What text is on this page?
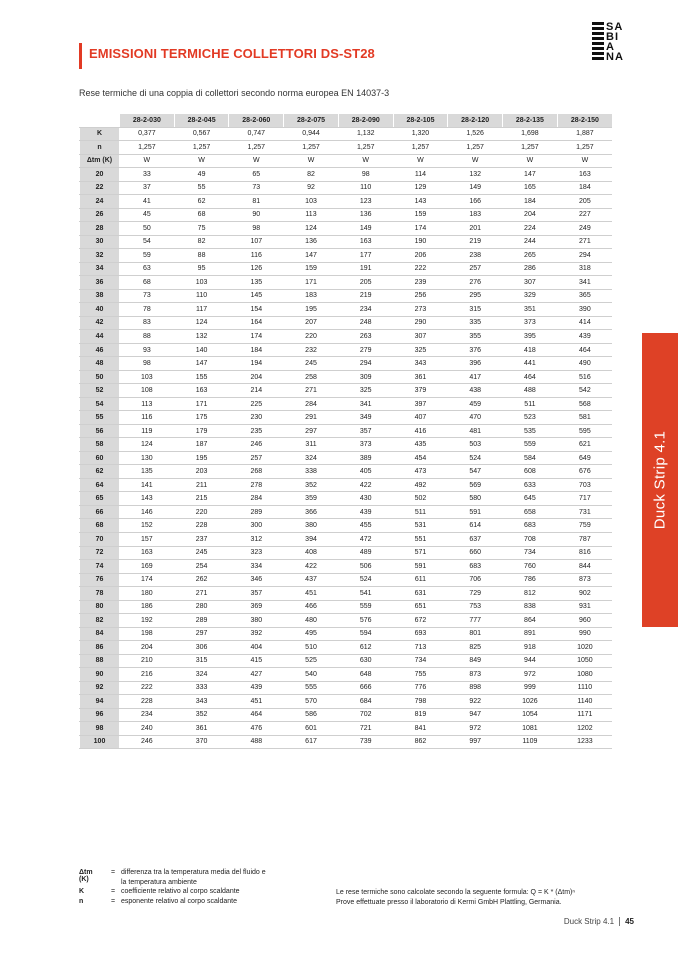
EMISSIONI TERMICHE COLLETTORI DS-ST28
SA
BI
A
NA
Rese termiche di una coppia di collettori secondo norma europea EN 14037-3
Duck Strip 4.1
	28-2-030	28-2-045	28-2-060	28-2-075	28-2-090	28-2-105	28-2-120	28-2-135	28-2-150
K	0,377	0,567	0,747	0,944	1,132	1,320	1,526	1,698	1,887
n	1,257	1,257	1,257	1,257	1,257	1,257	1,257	1,257	1,257
Δtm (K)	W	W	W	W	W	W	W	W	W
20	33	49	65	82	98	114	132	147	163
22	37	55	73	92	110	129	149	165	184
24	41	62	81	103	123	143	166	184	205
26	45	68	90	113	136	159	183	204	227
28	50	75	98	124	149	174	201	224	249
30	54	82	107	136	163	190	219	244	271
32	59	88	116	147	177	206	238	265	294
34	63	95	126	159	191	222	257	286	318
36	68	103	135	171	205	239	276	307	341
38	73	110	145	183	219	256	295	329	365
40	78	117	154	195	234	273	315	351	390
42	83	124	164	207	248	290	335	373	414
44	88	132	174	220	263	307	355	395	439
46	93	140	184	232	279	325	376	418	464
48	98	147	194	245	294	343	396	441	490
50	103	155	204	258	309	361	417	464	516
52	108	163	214	271	325	379	438	488	542
54	113	171	225	284	341	397	459	511	568
55	116	175	230	291	349	407	470	523	581
56	119	179	235	297	357	416	481	535	595
58	124	187	246	311	373	435	503	559	621
60	130	195	257	324	389	454	524	584	649
62	135	203	268	338	405	473	547	608	676
64	141	211	278	352	422	492	569	633	703
65	143	215	284	359	430	502	580	645	717
66	146	220	289	366	439	511	591	658	731
68	152	228	300	380	455	531	614	683	759
70	157	237	312	394	472	551	637	708	787
72	163	245	323	408	489	571	660	734	816
74	169	254	334	422	506	591	683	760	844
76	174	262	346	437	524	611	706	786	873
78	180	271	357	451	541	631	729	812	902
80	186	280	369	466	559	651	753	838	931
82	192	289	380	480	576	672	777	864	960
84	198	297	392	495	594	693	801	891	990
86	204	306	404	510	612	713	825	918	1020
88	210	315	415	525	630	734	849	944	1050
90	216	324	427	540	648	755	873	972	1080
92	222	333	439	555	666	776	898	999	1110
94	228	343	451	570	684	798	922	1026	1140
96	234	352	464	586	702	819	947	1054	1171
98	240	361	476	601	721	841	972	1081	1202
100	246	370	488	617	739	862	997	1109	1233
Δtm (K)
= differenza tra la temperatura media del fluido e
la temperatura ambiente
K	= coefficiente relativo al corpo scaldante
n	= esponente relativo al corpo scaldante
Le rese termiche sono calcolate secondo la seguente formula: Q = K * (Δtm)ⁿ
Prove effettuate presso il laboratorio di Kermi GmbH Plattling, Germania.
Duck Strip 4.1 45
